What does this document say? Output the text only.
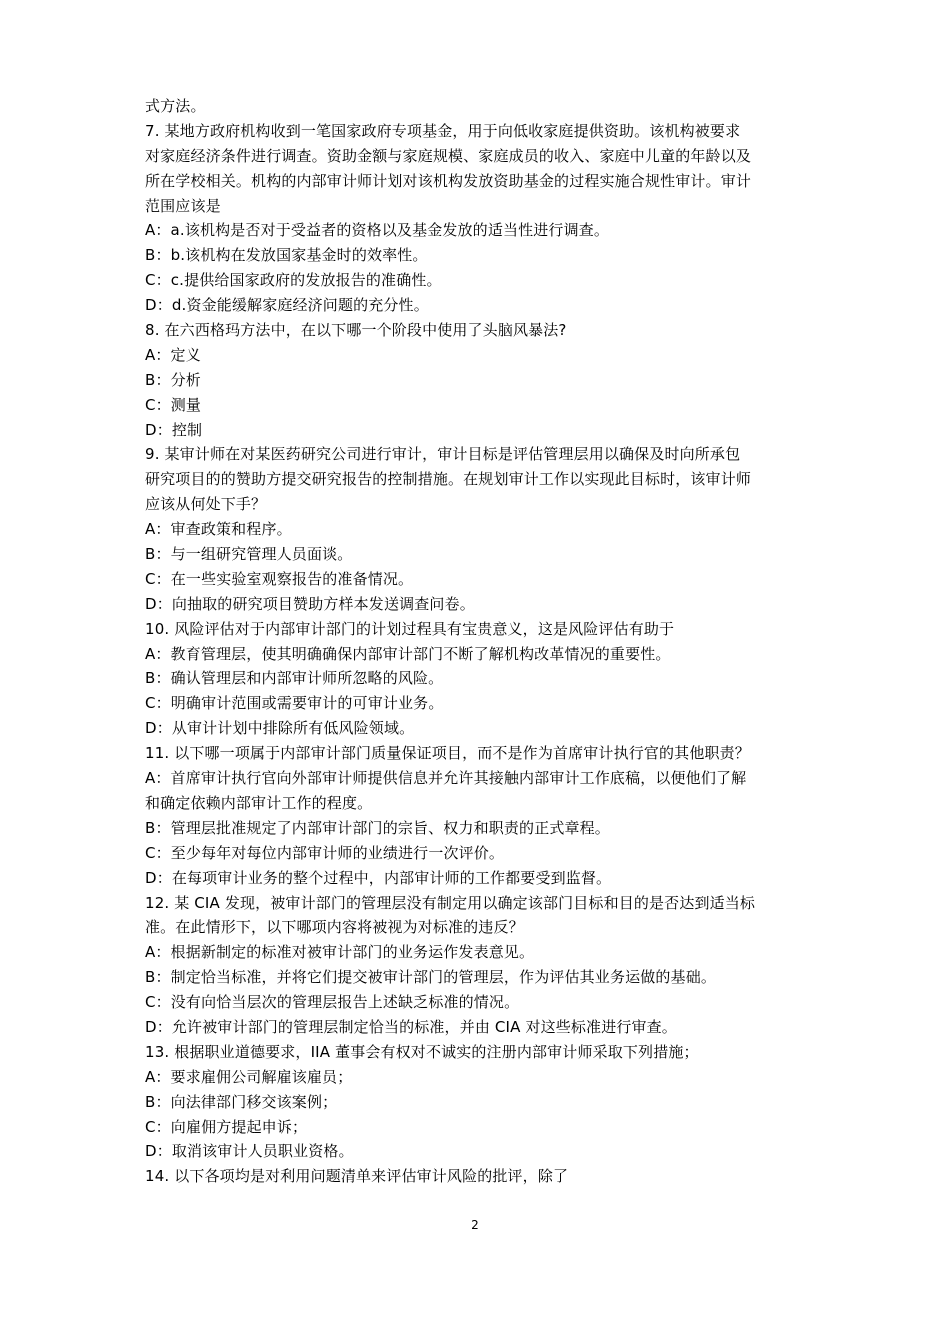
式方法。
7. 某地方政府机构收到一笔国家政府专项基金，用于向低收家庭提供资助。该机构被要求
对家庭经济条件进行调查。资助金额与家庭规模、家庭成员的收入、家庭中儿童的年龄以及
所在学校相关。机构的内部审计师计划对该机构发放资助基金的过程实施合规性审计。审计
范围应该是
A：a.该机构是否对于受益者的资格以及基金发放的适当性进行调查。
B：b.该机构在发放国家基金时的效率性。
C：c.提供给国家政府的发放报告的准确性。
D：d.资金能缓解家庭经济问题的充分性。
8. 在六西格玛方法中，在以下哪一个阶段中使用了头脑风暴法?
A：定义
B：分析
C：测量
D：控制
9. 某审计师在对某医药研究公司进行审计，审计目标是评估管理层用以确保及时向所承包
研究项目的的赞助方提交研究报告的控制措施。在规划审计工作以实现此目标时，该审计师
应该从何处下手？
A：审查政策和程序。
B：与一组研究管理人员面谈。
C：在一些实验室观察报告的准备情况。
D：向抽取的研究项目赞助方样本发送调查问卷。
10. 风险评估对于内部审计部门的计划过程具有宝贵意义，这是风险评估有助于
A：教育管理层，使其明确确保内部审计部门不断了解机构改革情况的重要性。
B：确认管理层和内部审计师所忽略的风险。
C：明确审计范围或需要审计的可审计业务。
D：从审计计划中排除所有低风险领域。
11. 以下哪一项属于内部审计部门质量保证项目，而不是作为首席审计执行官的其他职责？
A：首席审计执行官向外部审计师提供信息并允许其接触内部审计工作底稿，以便他们了解
和确定依赖内部审计工作的程度。
B：管理层批准规定了内部审计部门的宗旨、权力和职责的正式章程。
C：至少每年对每位内部审计师的业绩进行一次评价。
D：在每项审计业务的整个过程中，内部审计师的工作都要受到监督。
12. 某 CIA 发现，被审计部门的管理层没有制定用以确定该部门目标和目的是否达到适当标
准。在此情形下，以下哪项内容将被视为对标准的违反？
A：根据新制定的标准对被审计部门的业务运作发表意见。
B：制定恰当标准，并将它们提交被审计部门的管理层，作为评估其业务运做的基础。
C：没有向恰当层次的管理层报告上述缺乏标准的情况。
D：允许被审计部门的管理层制定恰当的标准，并由 CIA 对这些标准进行审查。
13. 根据职业道德要求，IIA 董事会有权对不诚实的注册内部审计师采取下列措施；
A：要求雇佣公司解雇该雇员；
B：向法律部门移交该案例；
C：向雇佣方提起申诉；
D：取消该审计人员职业资格。
14. 以下各项均是对利用问题清单来评估审计风险的批评，除了
2
